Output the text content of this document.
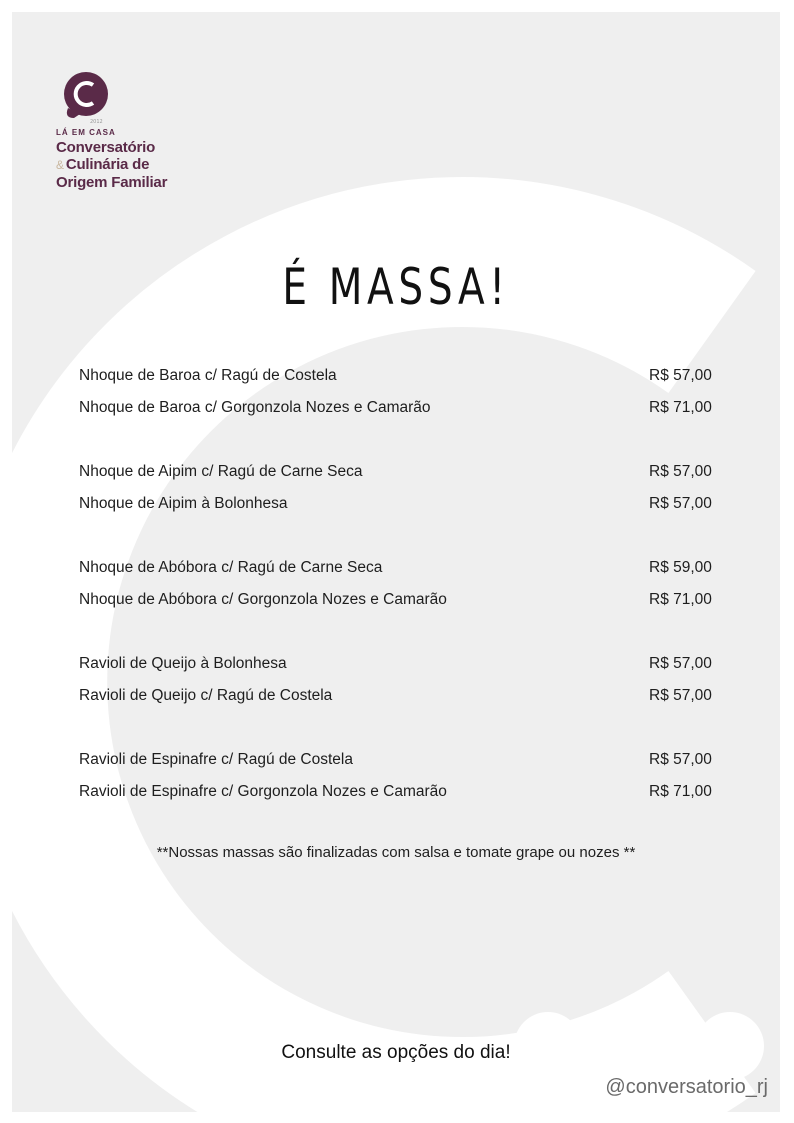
2012
LÁ EM CASA
Conversatório
& Culinária de
Origem Familiar
É MASSA!
Nhoque de Baroa c/ Ragú de Costela	R$ 57,00
Nhoque de Baroa c/ Gorgonzola Nozes e Camarão	R$ 71,00
Nhoque de Aipim c/ Ragú de Carne Seca	R$ 57,00
Nhoque de Aipim à Bolonhesa	R$ 57,00
Nhoque de Abóbora c/ Ragú de Carne Seca	R$ 59,00
Nhoque de Abóbora c/ Gorgonzola Nozes e Camarão	R$ 71,00
Ravioli de Queijo à Bolonhesa	R$ 57,00
Ravioli de Queijo c/ Ragú de Costela	R$ 57,00
Ravioli de Espinafre c/ Ragú de Costela	R$ 57,00
Ravioli de Espinafre c/ Gorgonzola Nozes e Camarão	R$ 71,00
**Nossas massas são finalizadas com salsa e tomate grape ou nozes **
Consulte as opções do dia!
@conversatorio_rj
